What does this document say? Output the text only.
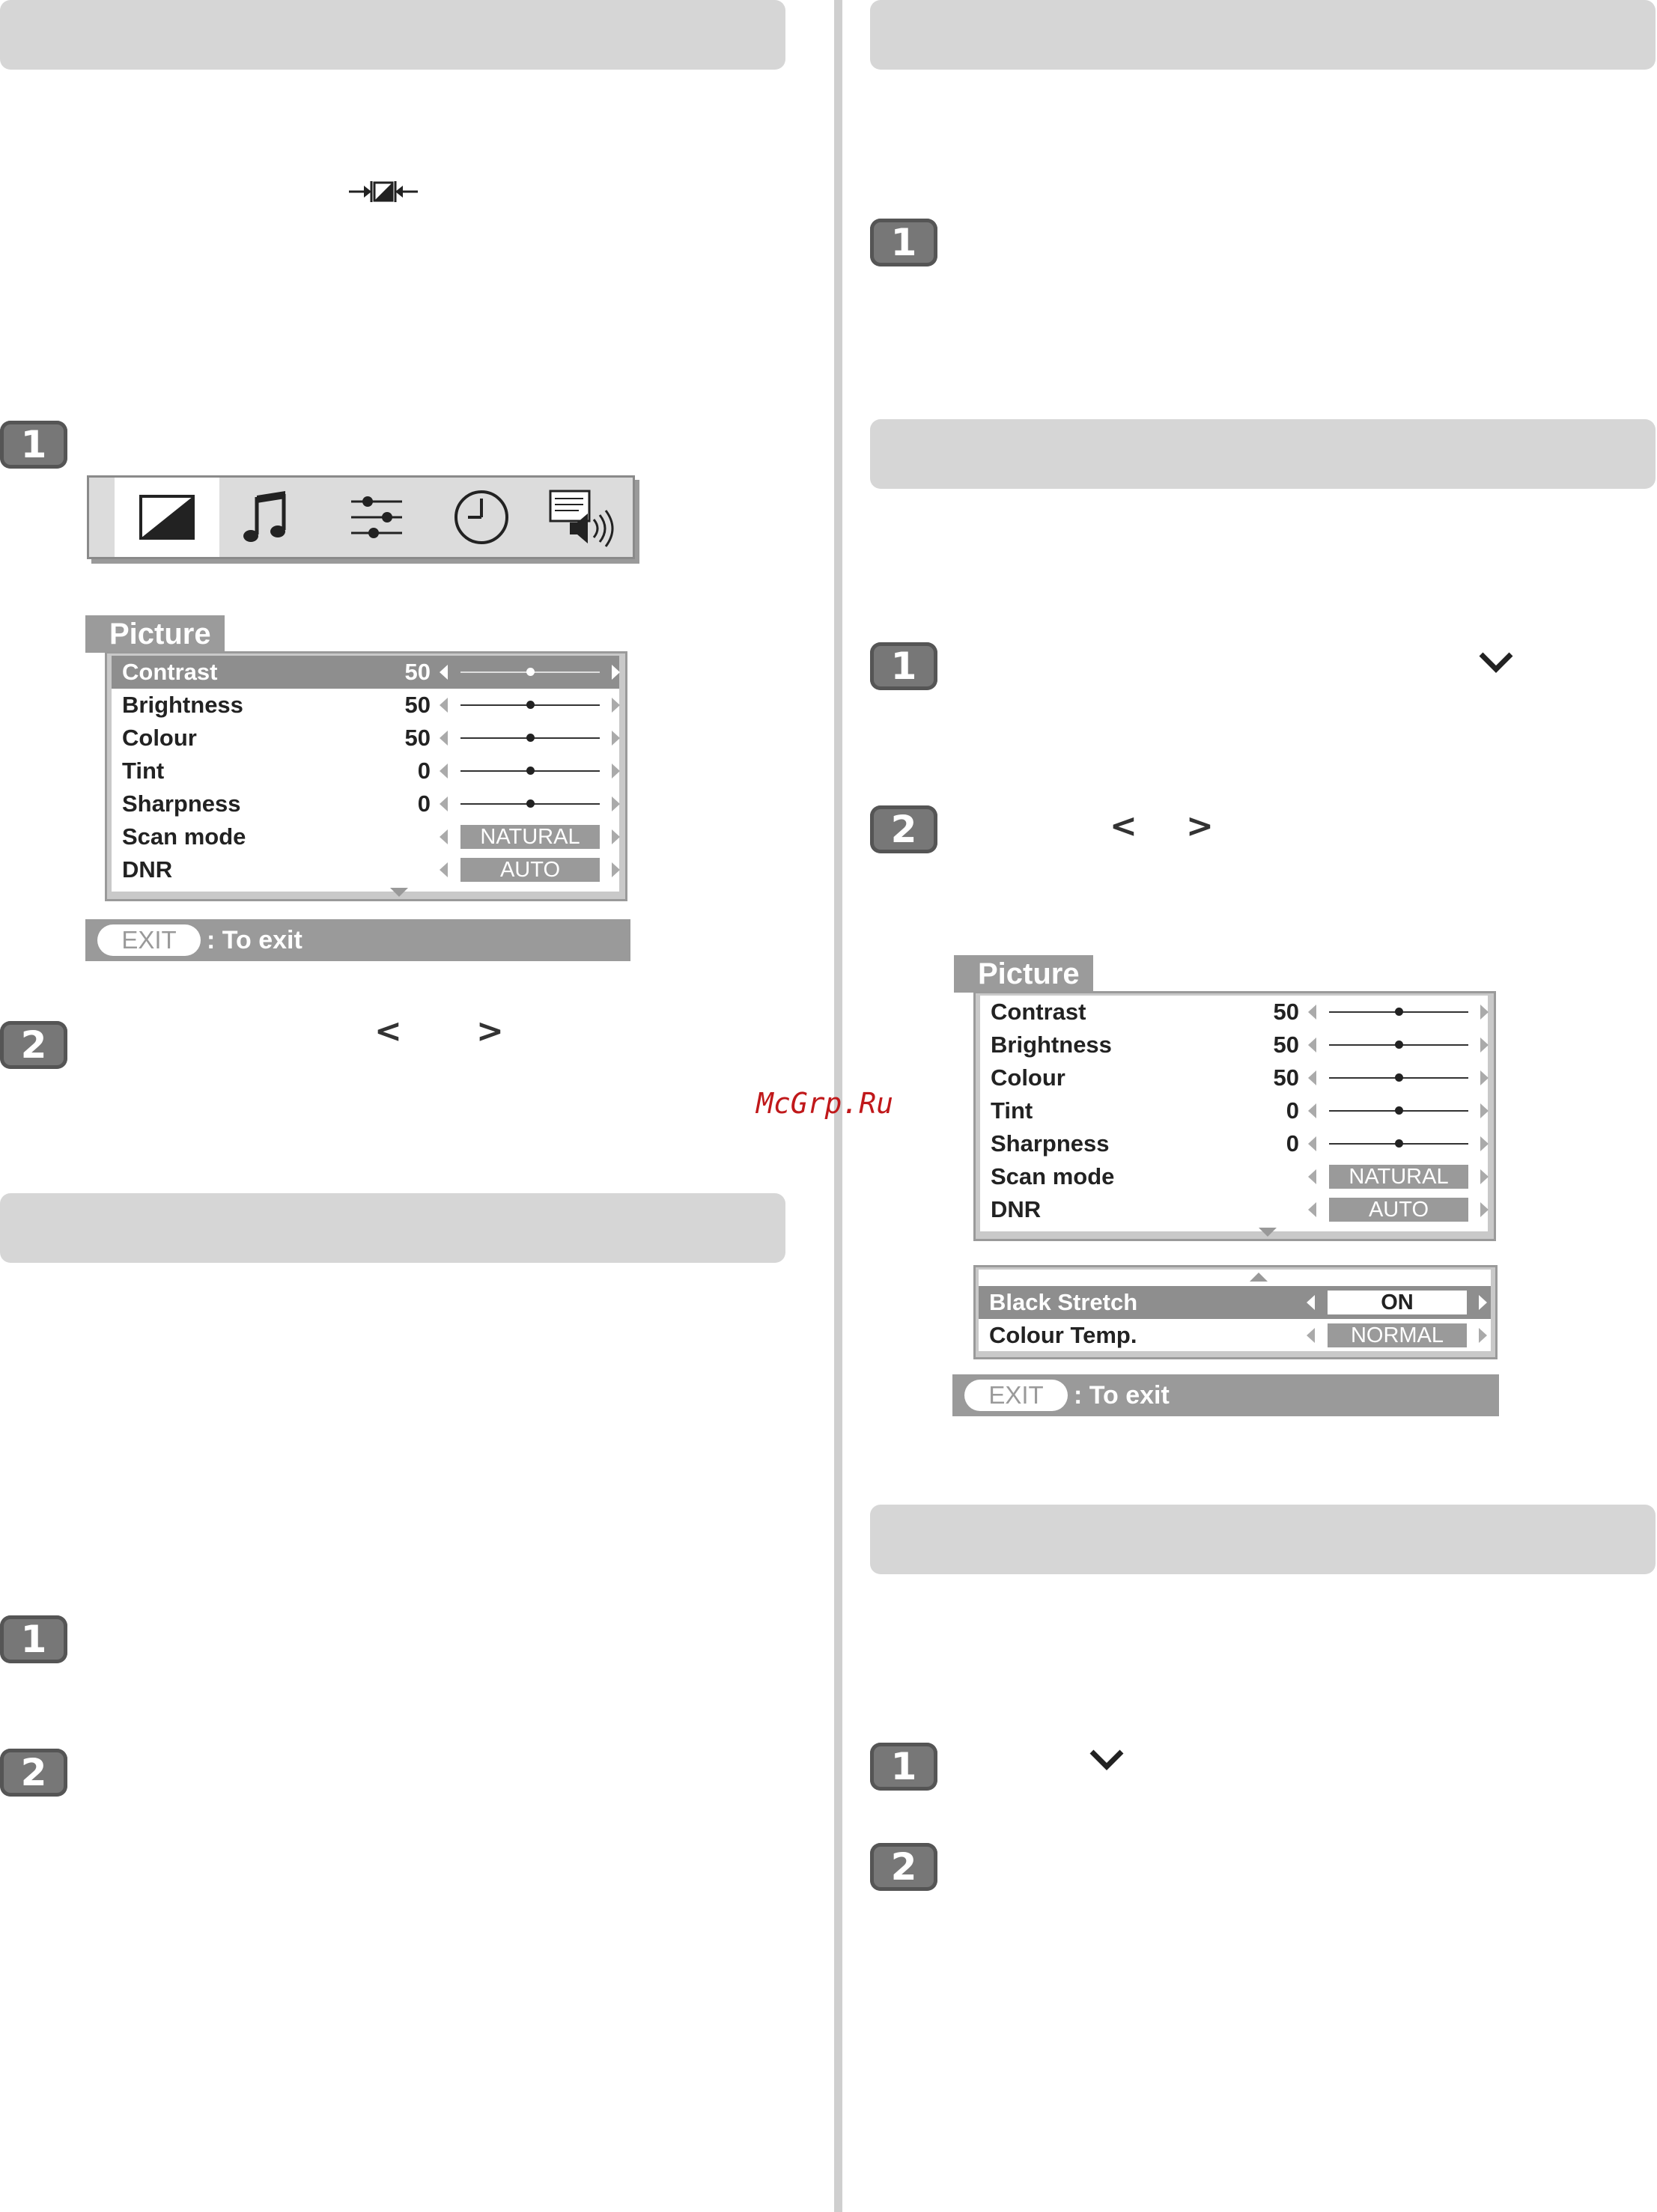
1
2
1
2
1
1
2
1
2
< >
< >
Picture
Contrast	50
Brightness	50
Colour	50
Tint	0
Sharpness	0
Scan mode	NATURAL
DNR	AUTO
EXIT	: To exit
Picture
Contrast	50
Brightness	50
Colour	50
Tint	0
Sharpness	0
Scan mode	NATURAL
DNR	AUTO
Black Stretch	ON
Colour Temp.	NORMAL
EXIT	: To exit
McGrp.Ru
